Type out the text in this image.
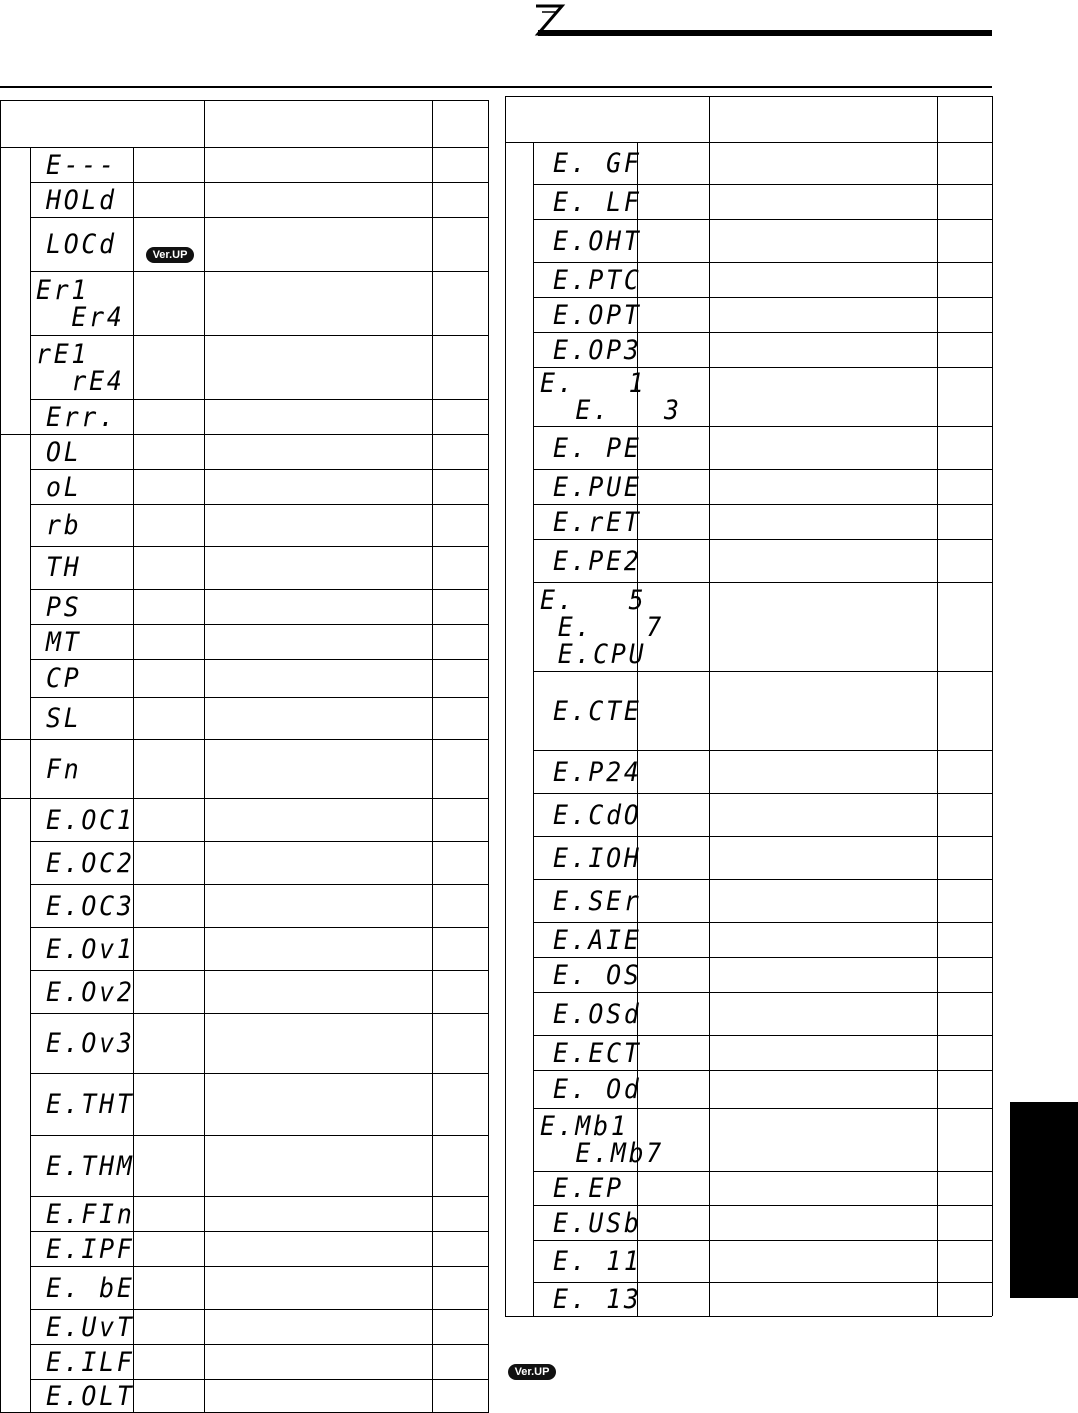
E---
HOLd
LOCd	Ver.UP
Er1
Er4
rE1
rE4
Err.
OL
oL
rb
TH
PS
MT
CP
SL
Fn
E.OC1
E.OC2
E.OC3
E.Ov1
E.Ov2
E.Ov3
E.THT
E.THM
E.FIn
E.IPF
E. bE
E.UvT
E.ILF
E.OLT
E. GF
E. LF
E.OHT
E.PTC
E.OPT
E.OP3
E.   1
E.   3
E. PE
E.PUE
E.rET
E.PE2
E.   5
E.   7
E.CPU
E.CTE
E.P24
E.CdO
E.IOH
E.SEr
E.AIE
E. OS
E.OSd
E.ECT
E. Od
E.Mb1
E.Mb7
E.EP
E.USb
E. 11
E. 13
Ver.UP
